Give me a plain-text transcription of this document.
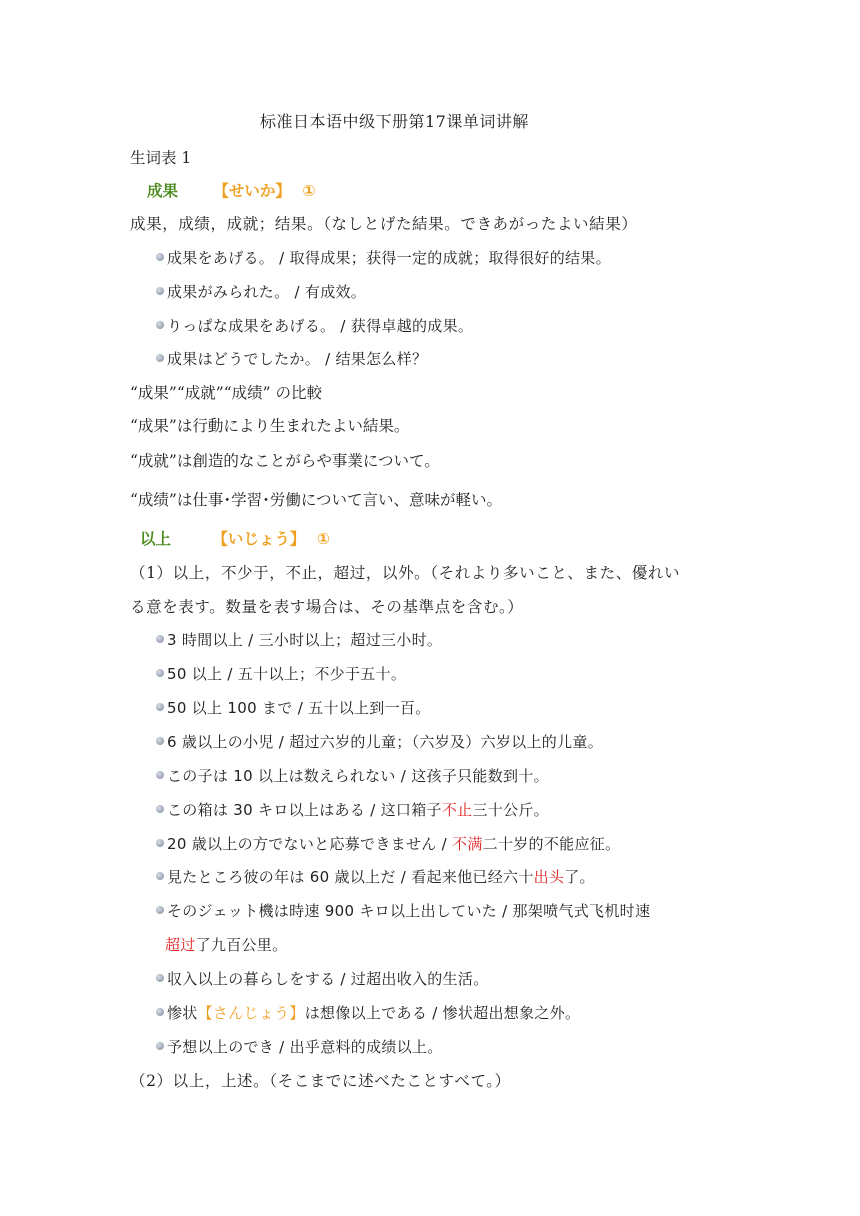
标准日本语中级下册第17课单词讲解
生词表 1
成果 【せいか】 ①
成果，成绩，成就；结果。（なしとげた結果。できあがったよい結果）
成果をあげる。 / 取得成果；获得一定的成就；取得很好的结果。
成果がみられた。 / 有成效。
りっぱな成果をあげる。 / 获得卓越的成果。
成果はどうでしたか。 / 结果怎么样？
“成果”“成就”“成绩” の比較
“成果”は行動により生まれたよい結果。
“成就”は創造的なことがらや事業について。
“成绩”は仕事･学習･労働について言い、意味が軽い。
以上	【いじょう】 ①
（1）以上，不少于，不止，超过，以外。（それより多いこと、また、優れい
る意を表す。数量を表す場合は、その基準点を含む。）
3 時間以上 / 三小时以上；超过三小时。
50 以上 / 五十以上；不少于五十。
50 以上 100 まで / 五十以上到一百。
6 歳以上の小児 / 超过六岁的儿童；（六岁及）六岁以上的儿童。
この子は 10 以上は数えられない / 这孩子只能数到十。
この箱は 30 キロ以上はある / 这口箱子不止三十公斤。
20 歳以上の方でないと応募できません / 不满二十岁的不能应征。
見たところ彼の年は 60 歳以上だ / 看起来他已经六十出头了。
そのジェット機は時速 900 キロ以上出していた / 那架喷气式飞机时速
超过了九百公里。
収入以上の暮らしをする / 过超出收入的生活。
惨状【さんじょう】は想像以上である / 惨状超出想象之外。
予想以上のでき / 出乎意料的成绩以上。
（2）以上，上述。（そこまでに述べたことすべて。）
